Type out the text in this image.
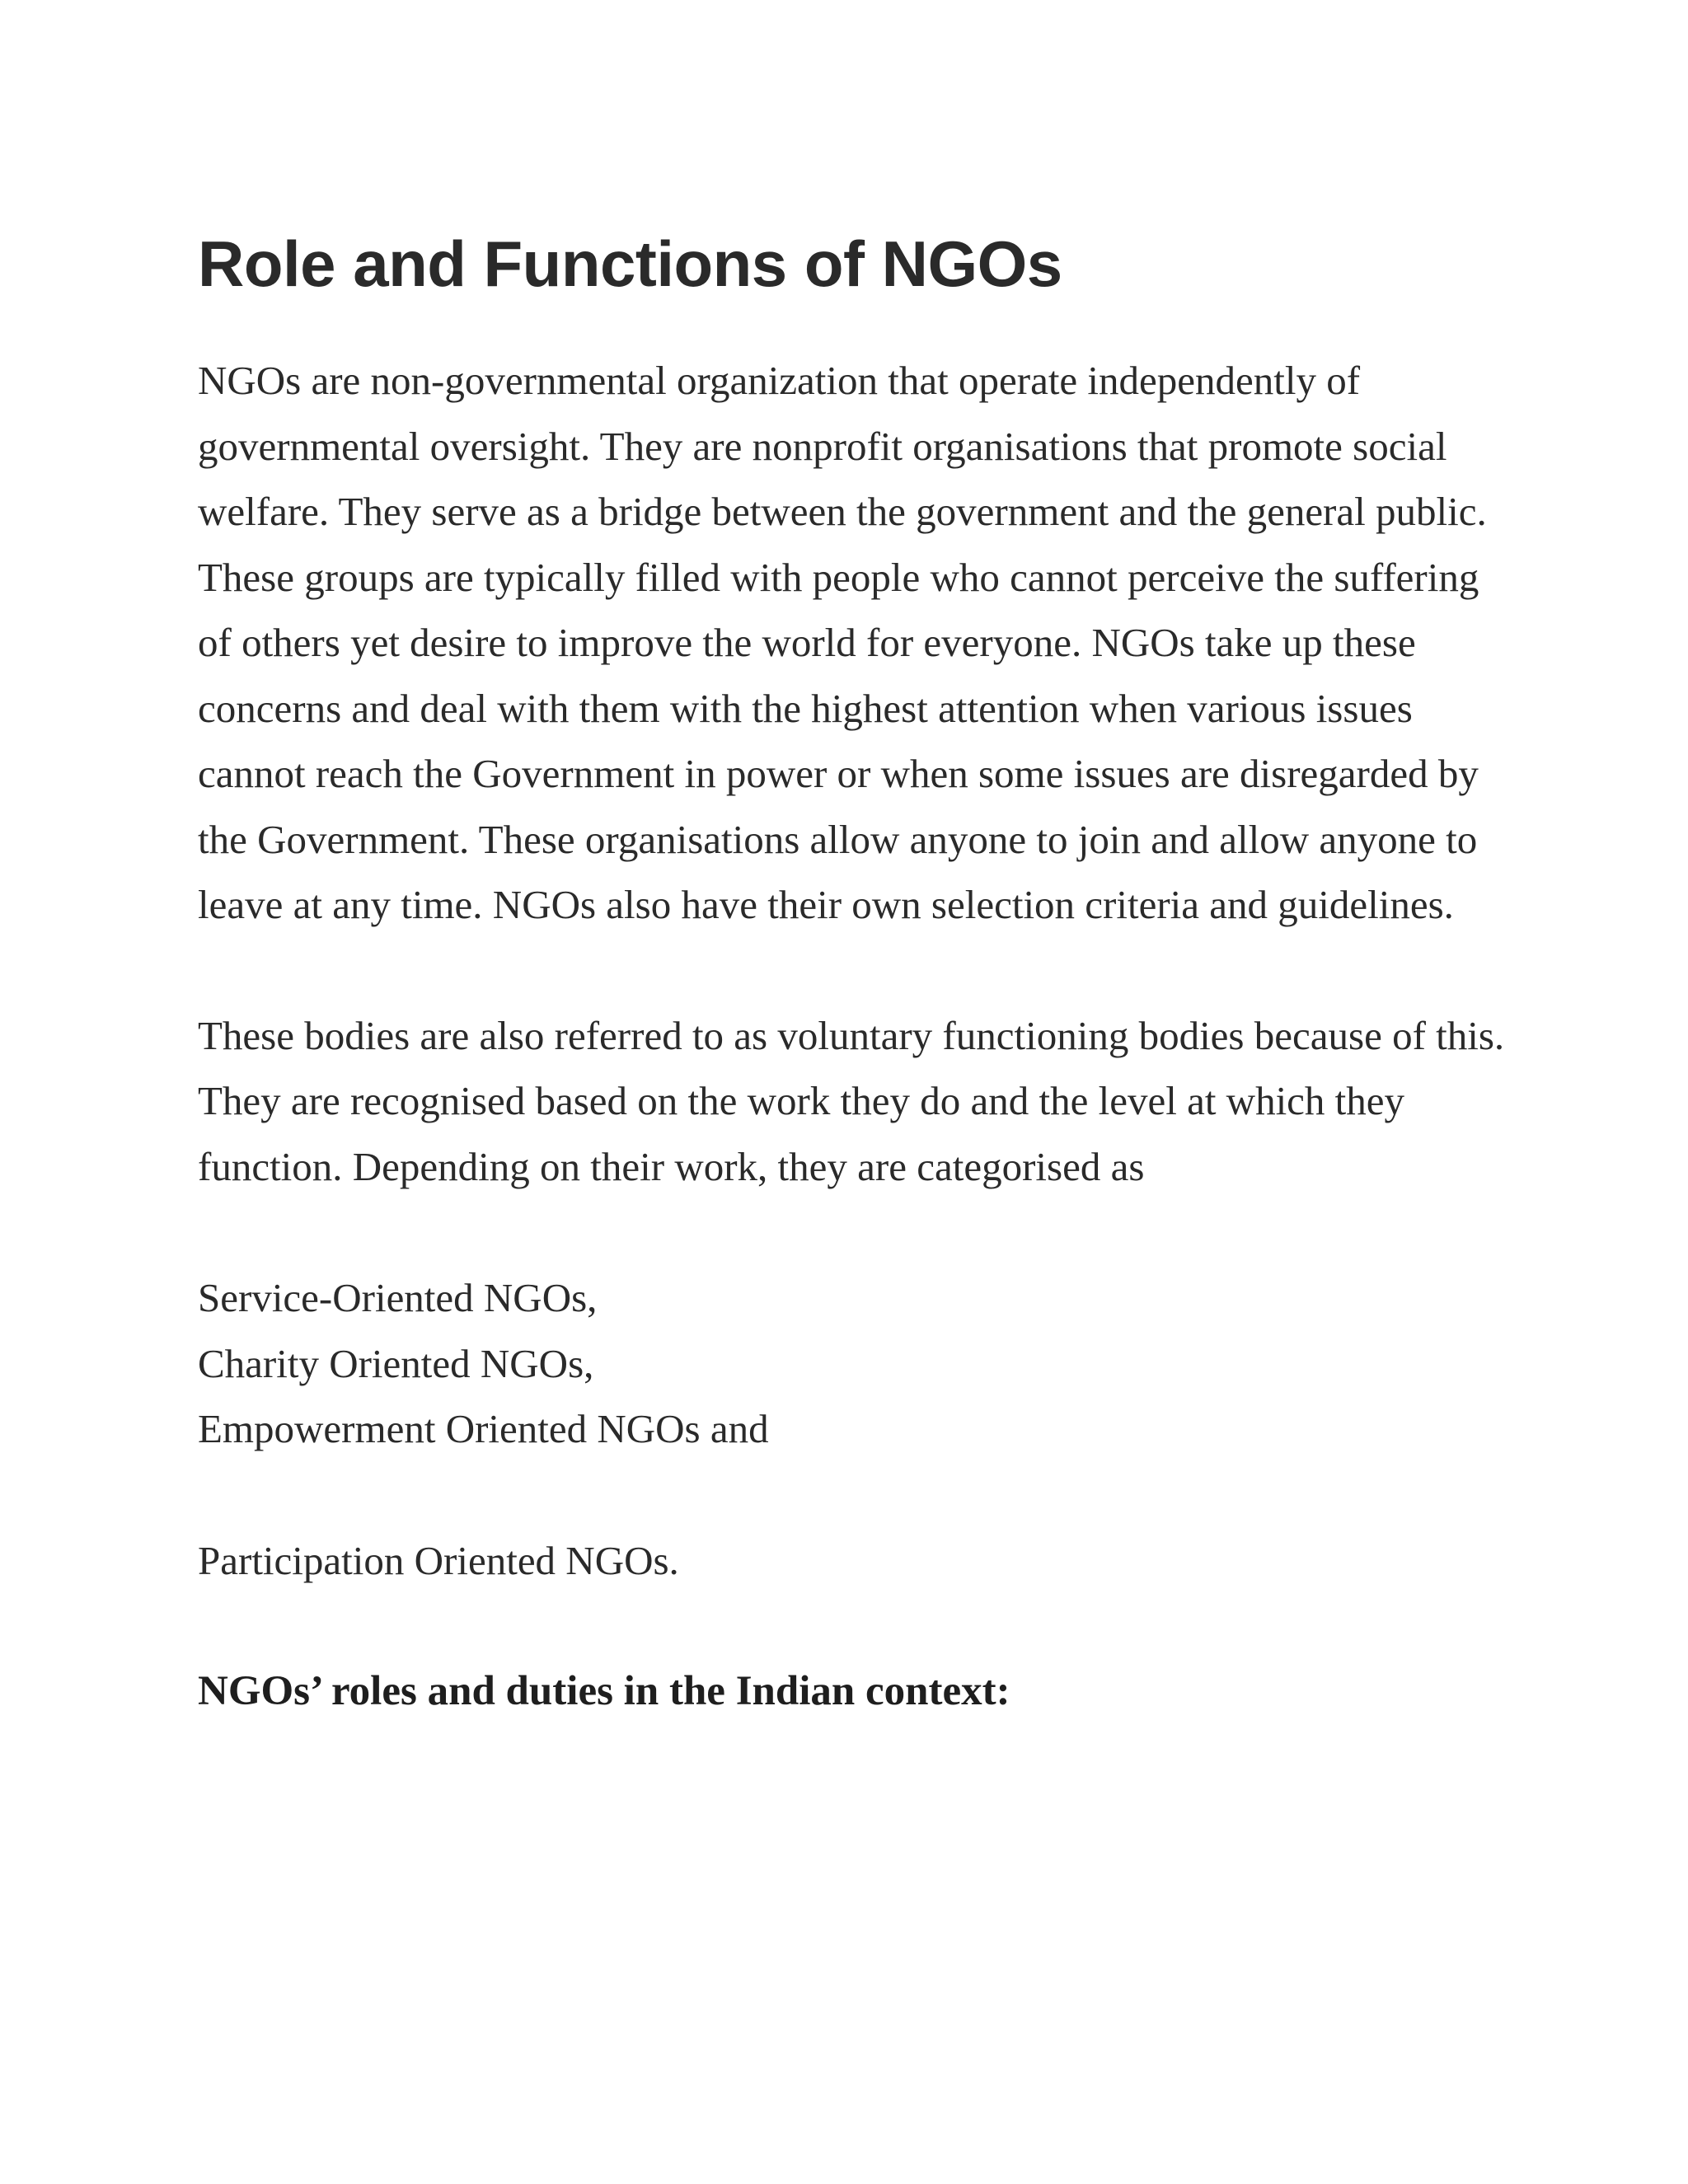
Role and Functions of NGOs

NGOs are non-governmental organization that operate independently of governmental oversight. They are nonprofit organisations that promote social welfare. They serve as a bridge between the government and the general public. These groups are typically filled with people who cannot perceive the suffering of others yet desire to improve the world for everyone. NGOs take up these concerns and deal with them with the highest attention when various issues cannot reach the Government in power or when some issues are disregarded by the Government. These organisations allow anyone to join and allow anyone to leave at any time. NGOs also have their own selection criteria and guidelines.

These bodies are also referred to as voluntary functioning bodies because of this. They are recognised based on the work they do and the level at which they function. Depending on their work, they are categorised as

Service-Oriented NGOs,
Charity Oriented NGOs,
Empowerment Oriented NGOs and

Participation Oriented NGOs.

NGOs’ roles and duties in the Indian context:
